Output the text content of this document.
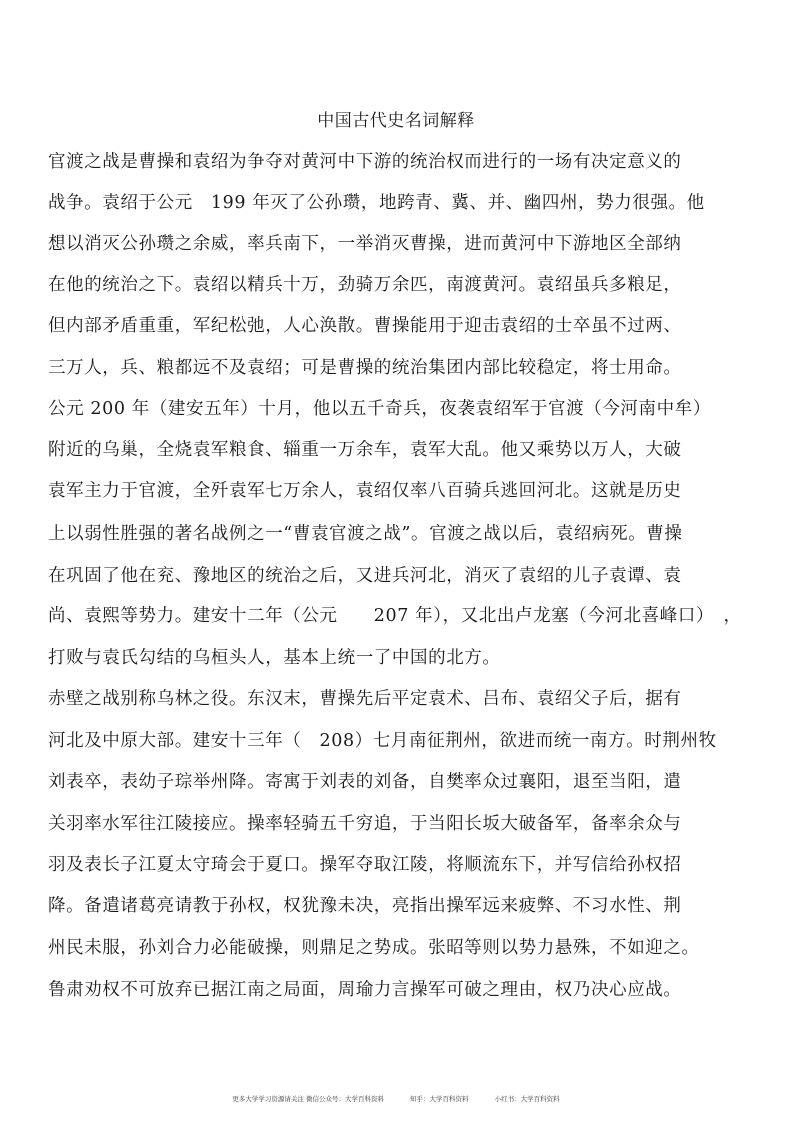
中国古代史名词解释
官渡之战是曹操和袁绍为争夺对黄河中下游的统治权而进行的一场有决定意义的
战争。袁绍于公元　199 年灭了公孙瓒，地跨青、冀、并、幽四州，势力很强。他
想以消灭公孙瓒之余威，率兵南下，一举消灭曹操，进而黄河中下游地区全部纳
在他的统治之下。袁绍以精兵十万，劲骑万余匹，南渡黄河。袁绍虽兵多粮足，
但内部矛盾重重，军纪松弛，人心涣散。曹操能用于迎击袁绍的士卒虽不过两、
三万人，兵、粮都远不及袁绍；可是曹操的统治集团内部比较稳定，将士用命。
公元 200 年（建安五年）十月，他以五千奇兵，夜袭袁绍军于官渡（今河南中牟）
附近的乌巢，全烧袁军粮食、辎重一万余车，袁军大乱。他又乘势以万人，大破
袁军主力于官渡，全歼袁军七万余人，袁绍仅率八百骑兵逃回河北。这就是历史
上以弱性胜强的著名战例之一“曹袁官渡之战”。官渡之战以后，袁绍病死。曹操
在巩固了他在兖、豫地区的统治之后，又进兵河北，消灭了袁绍的儿子袁谭、袁
尚、袁熙等势力。建安十二年（公元　　207 年），又北出卢龙塞（今河北喜峰口）　，
打败与袁氏勾结的乌桓头人，基本上统一了中国的北方。
赤壁之战别称乌林之役。东汉末，曹操先后平定袁术、吕布、袁绍父子后，据有
河北及中原大部。建安十三年（　208）七月南征荆州，欲进而统一南方。时荆州牧
刘表卒，表幼子琮举州降。寄寓于刘表的刘备，自樊率众过襄阳，退至当阳，遣
关羽率水军往江陵接应。操率轻骑五千穷追，于当阳长坂大破备军，备率余众与
羽及表长子江夏太守琦会于夏口。操军夺取江陵，将顺流东下，并写信给孙权招
降。备遣诸葛亮请教于孙权，权犹豫未决，亮指出操军远来疲弊、不习水性、荆
州民未服，孙刘合力必能破操，则鼎足之势成。张昭等则以势力悬殊，不如迎之。
鲁肃劝权不可放弃已据江南之局面，周瑜力言操军可破之理由，权乃决心应战。
更多大学学习资源请关注 微信公众号：大学百科资料	知乎：大学百科资料	小红书：大学百科资料
